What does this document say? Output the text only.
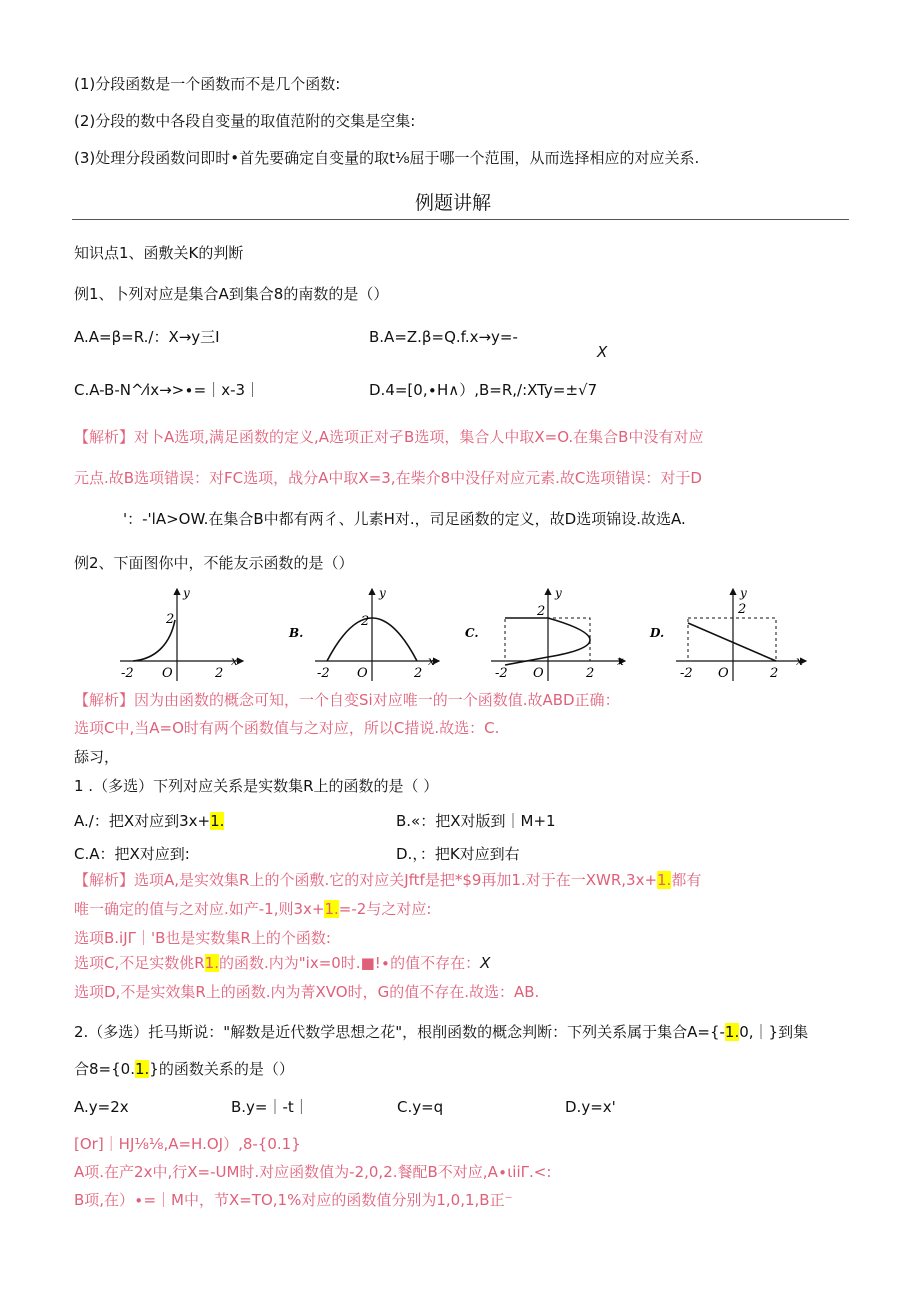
(1)分段函数是一个函数而不是几个函数:
(2)分段的数中各段自变量的取值范附的交集是空集:
(3)处理分段函数问即时•首先要确定自变量的取t⅛屈于哪一个范围，从而选择相应的对应关系.
例题讲解
知识点1、函敷关K的判断
例1、卜列对应是集合A到集合8的南数的是（）
A.A=β=R./：X→y三I	B.A=Z.β=Q.f.x→y=-
X
C.A-B-N^⁄ix→>∙=｜x-3｜	D.4=[0,∙H∧）,B=R,/:XTy=±√7
【解析】对卜A选项,满足函数的定义,A选项正对孑B选项，集合人中取X=O.在集合B中没有对应
元点.故B选项错误：对FC选项，战分A中取X=3,在柴介8中没仔对应元素.故C选项错误：对于D
'：-'lA>OW.在集合B中都有两彳、儿素H对.，司足函数的定义，故D选项锦设.故选A.
例2、下面图你中，不能友示函数的是（）
y
2
O
-2	2
x
B.
y
2
O
-2	2
x
C.
y
2
O
-2	2
x
D.
y
2
O
-2	2
x
【解析】因为由函数的概念可知，一个自变Si对应唯一的一个函数值.故ABD正确：
选项C中,当A=O时有两个函数值与之对应，所以C措说.故选：C.
舔习，
1 .（多选）下列对应关系是实数集R上的函数的是（ ）
A./：把X对应到3x+1.	B.«：把X对版到｜M+1
C.A：把X对应到:	D.，：把K对应到右
【解析】选项A,是实效集R上的个函敷.它的对应关Jftf是把*$9再加1.对于在一XWR,3x+1.都有
唯一确定的值与之对应.如产-1,则3x+1.=-2与之对应:
选项B.iJΓ｜'B也是实数集R上的个函数:
选项C,不足实数佻R1.的函数.内为"ix=0时.■!∙的值不存在：X
选项D,不是实效集R上的函数.内为菁XVO时，G的值不存在.故选：AB.
2.（多选）托马斯说："解数是近代数学思想之花"，根削函数的概念判断：下列关系属于集合A={-1.0,｜}到集
合8={0.1.}的函数关系的是（）
A.y=2x	B.y=｜-t｜	C.y=q	D.y=x'
[Or]｜HJ⅛⅛,A=H.OJ）,8-{0.1}
A项.在产2x中,行X=-UM时.对应函数值为-2,0,2.餐配B不对应,A∙ιiiΓ.<:
B项,在）∙=｜M中，节X=TO,1%对应的函数值分别为1,0,1,B正⁻
